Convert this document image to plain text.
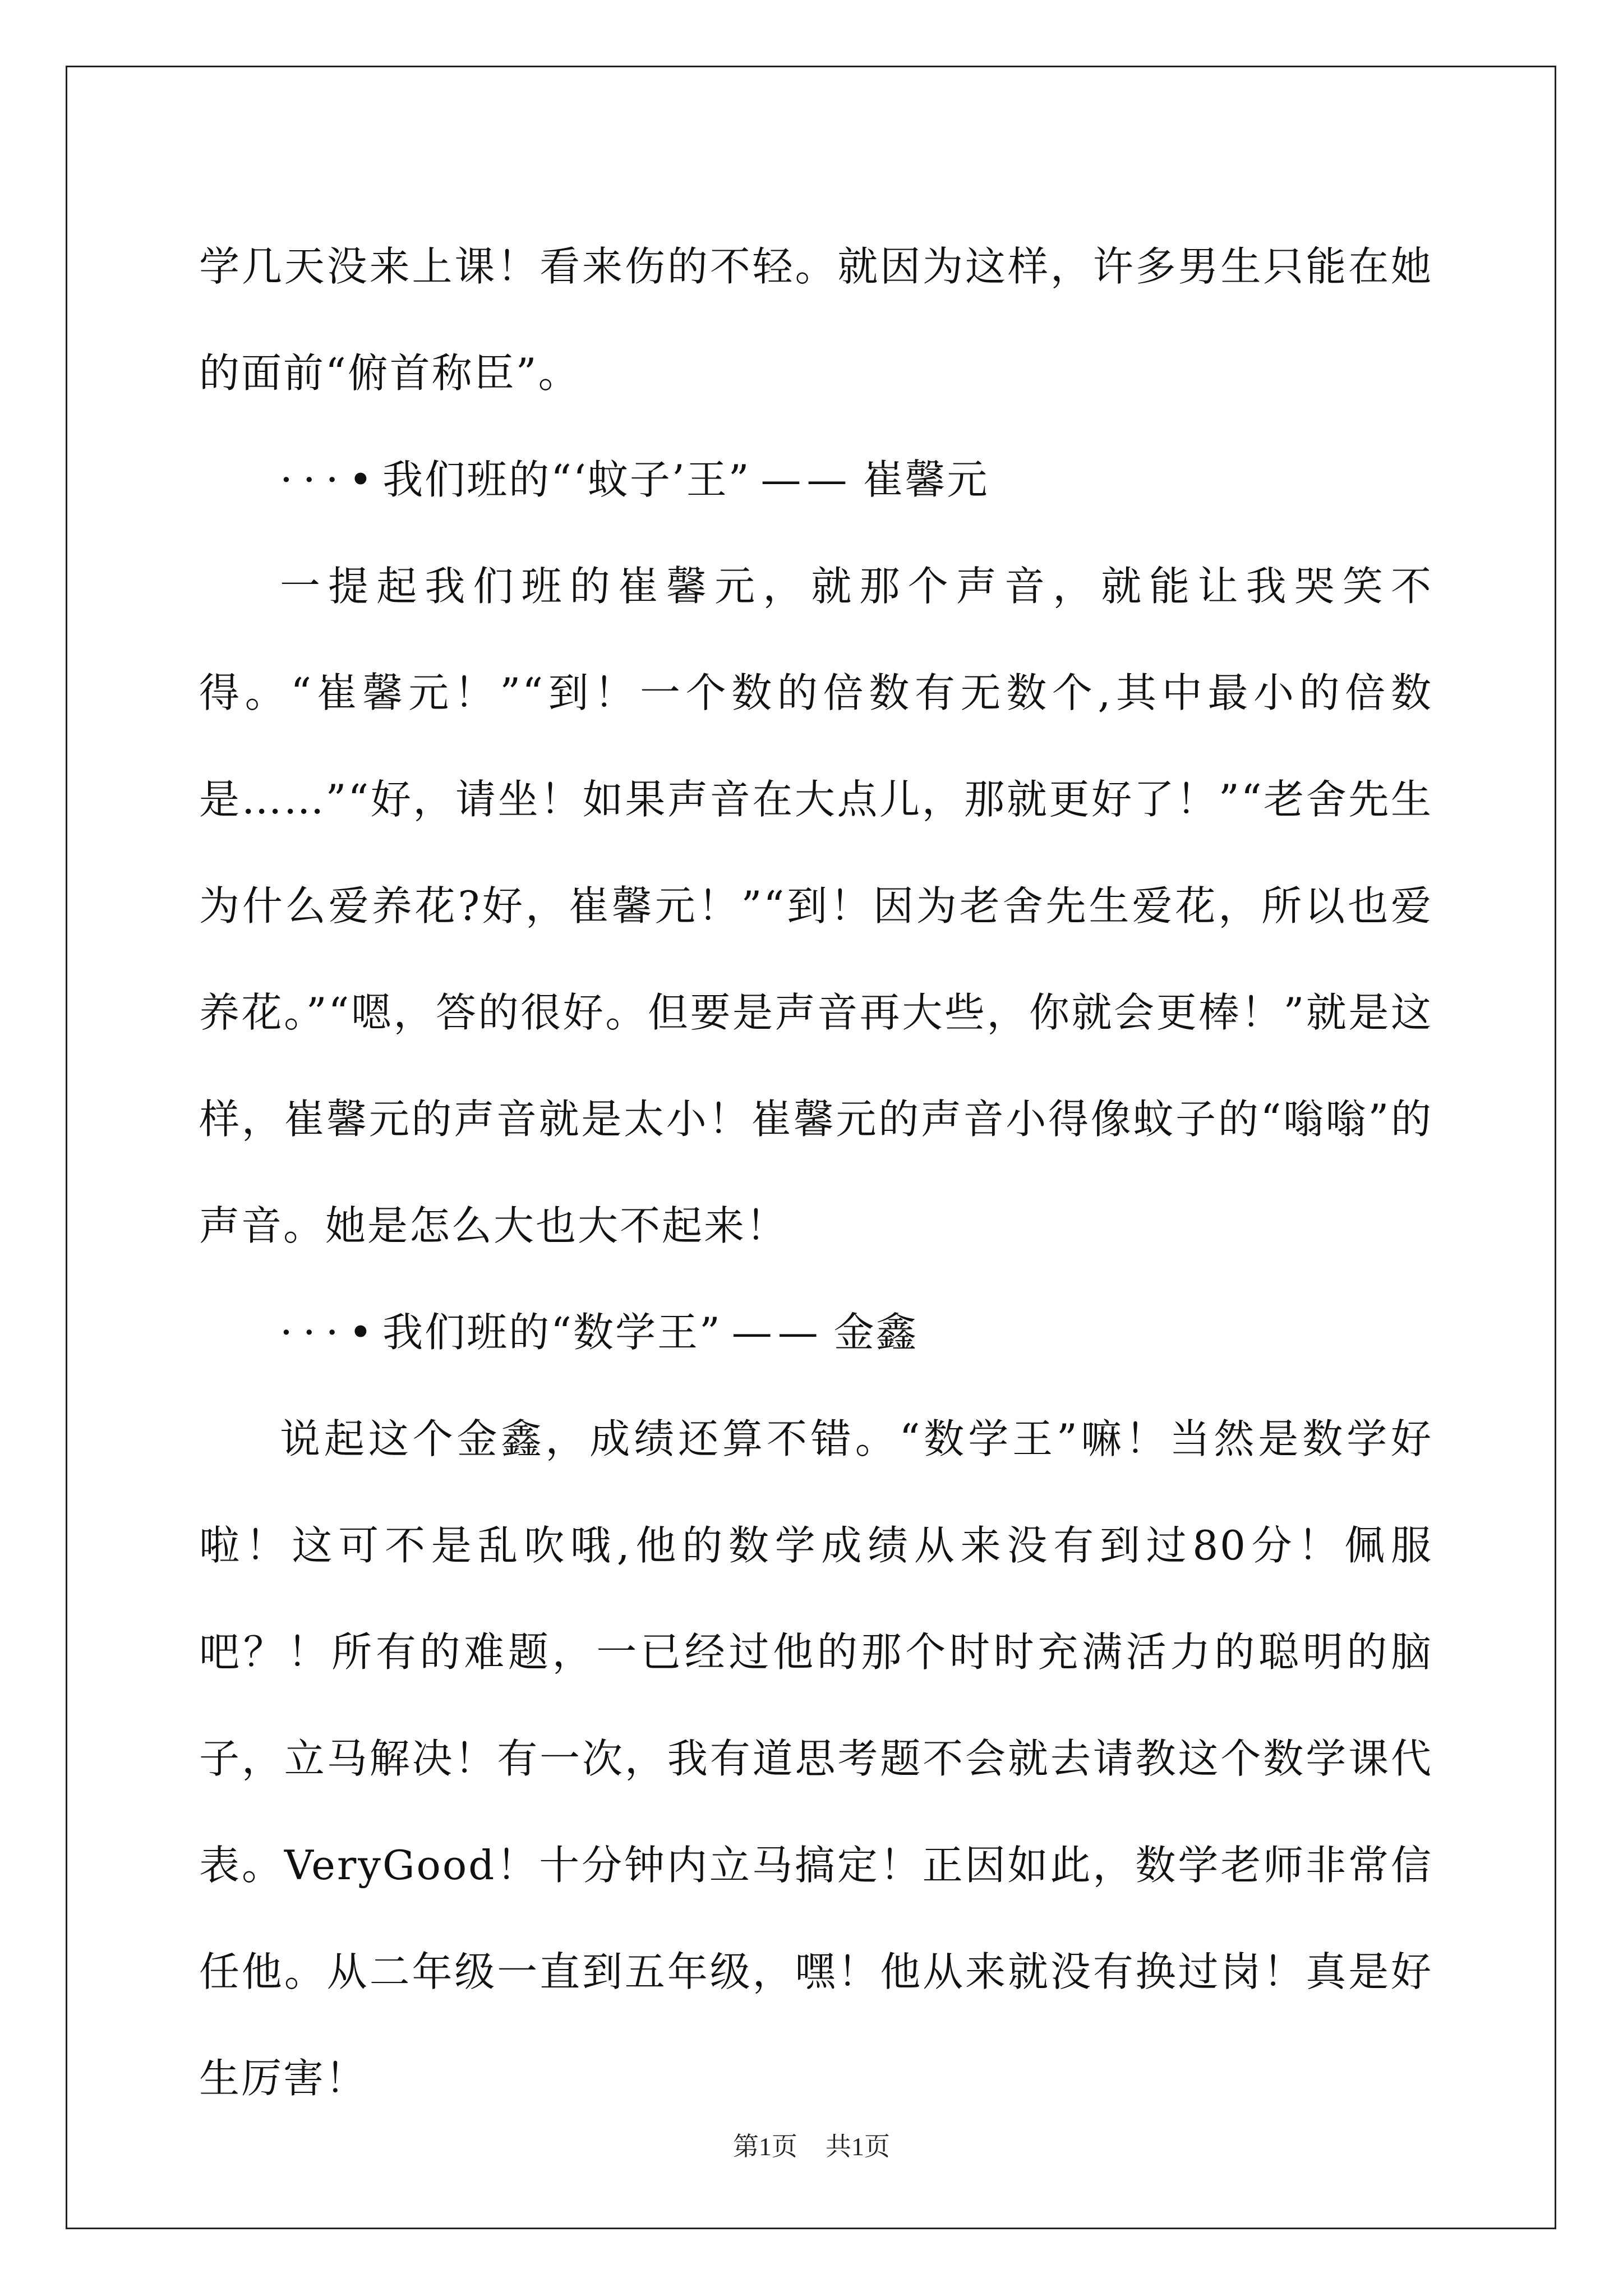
学几天没来上课！看来伤的不轻。就因为这样，许多男生只能在她的面前“俯首称臣”。

···•我们班的“‘蚊子’王” —— 崔馨元

一提起我们班的崔馨元，就那个声音，就能让我哭笑不得。“崔馨元！”“到！一个数的倍数有无数个,其中最小的倍数是……”“好，请坐！如果声音在大点儿，那就更好了！”“老舍先生为什么爱养花?好，崔馨元！”“到！因为老舍先生爱花，所以也爱养花。”“嗯，答的很好。但要是声音再大些，你就会更棒！”就是这样，崔馨元的声音就是太小！崔馨元的声音小得像蚊子的“嗡嗡”的声音。她是怎么大也大不起来！

···•我们班的“数学王” —— 金鑫

说起这个金鑫，成绩还算不错。“数学王”嘛！当然是数学好啦！这可不是乱吹哦,他的数学成绩从来没有到过80分！佩服吧？！所有的难题，一已经过他的那个时时充满活力的聪明的脑子，立马解决！有一次，我有道思考题不会就去请教这个数学课代表。VeryGood！十分钟内立马搞定！正因如此，数学老师非常信任他。从二年级一直到五年级，嘿！他从来就没有换过岗！真是好生厉害！

第1页 共1页
